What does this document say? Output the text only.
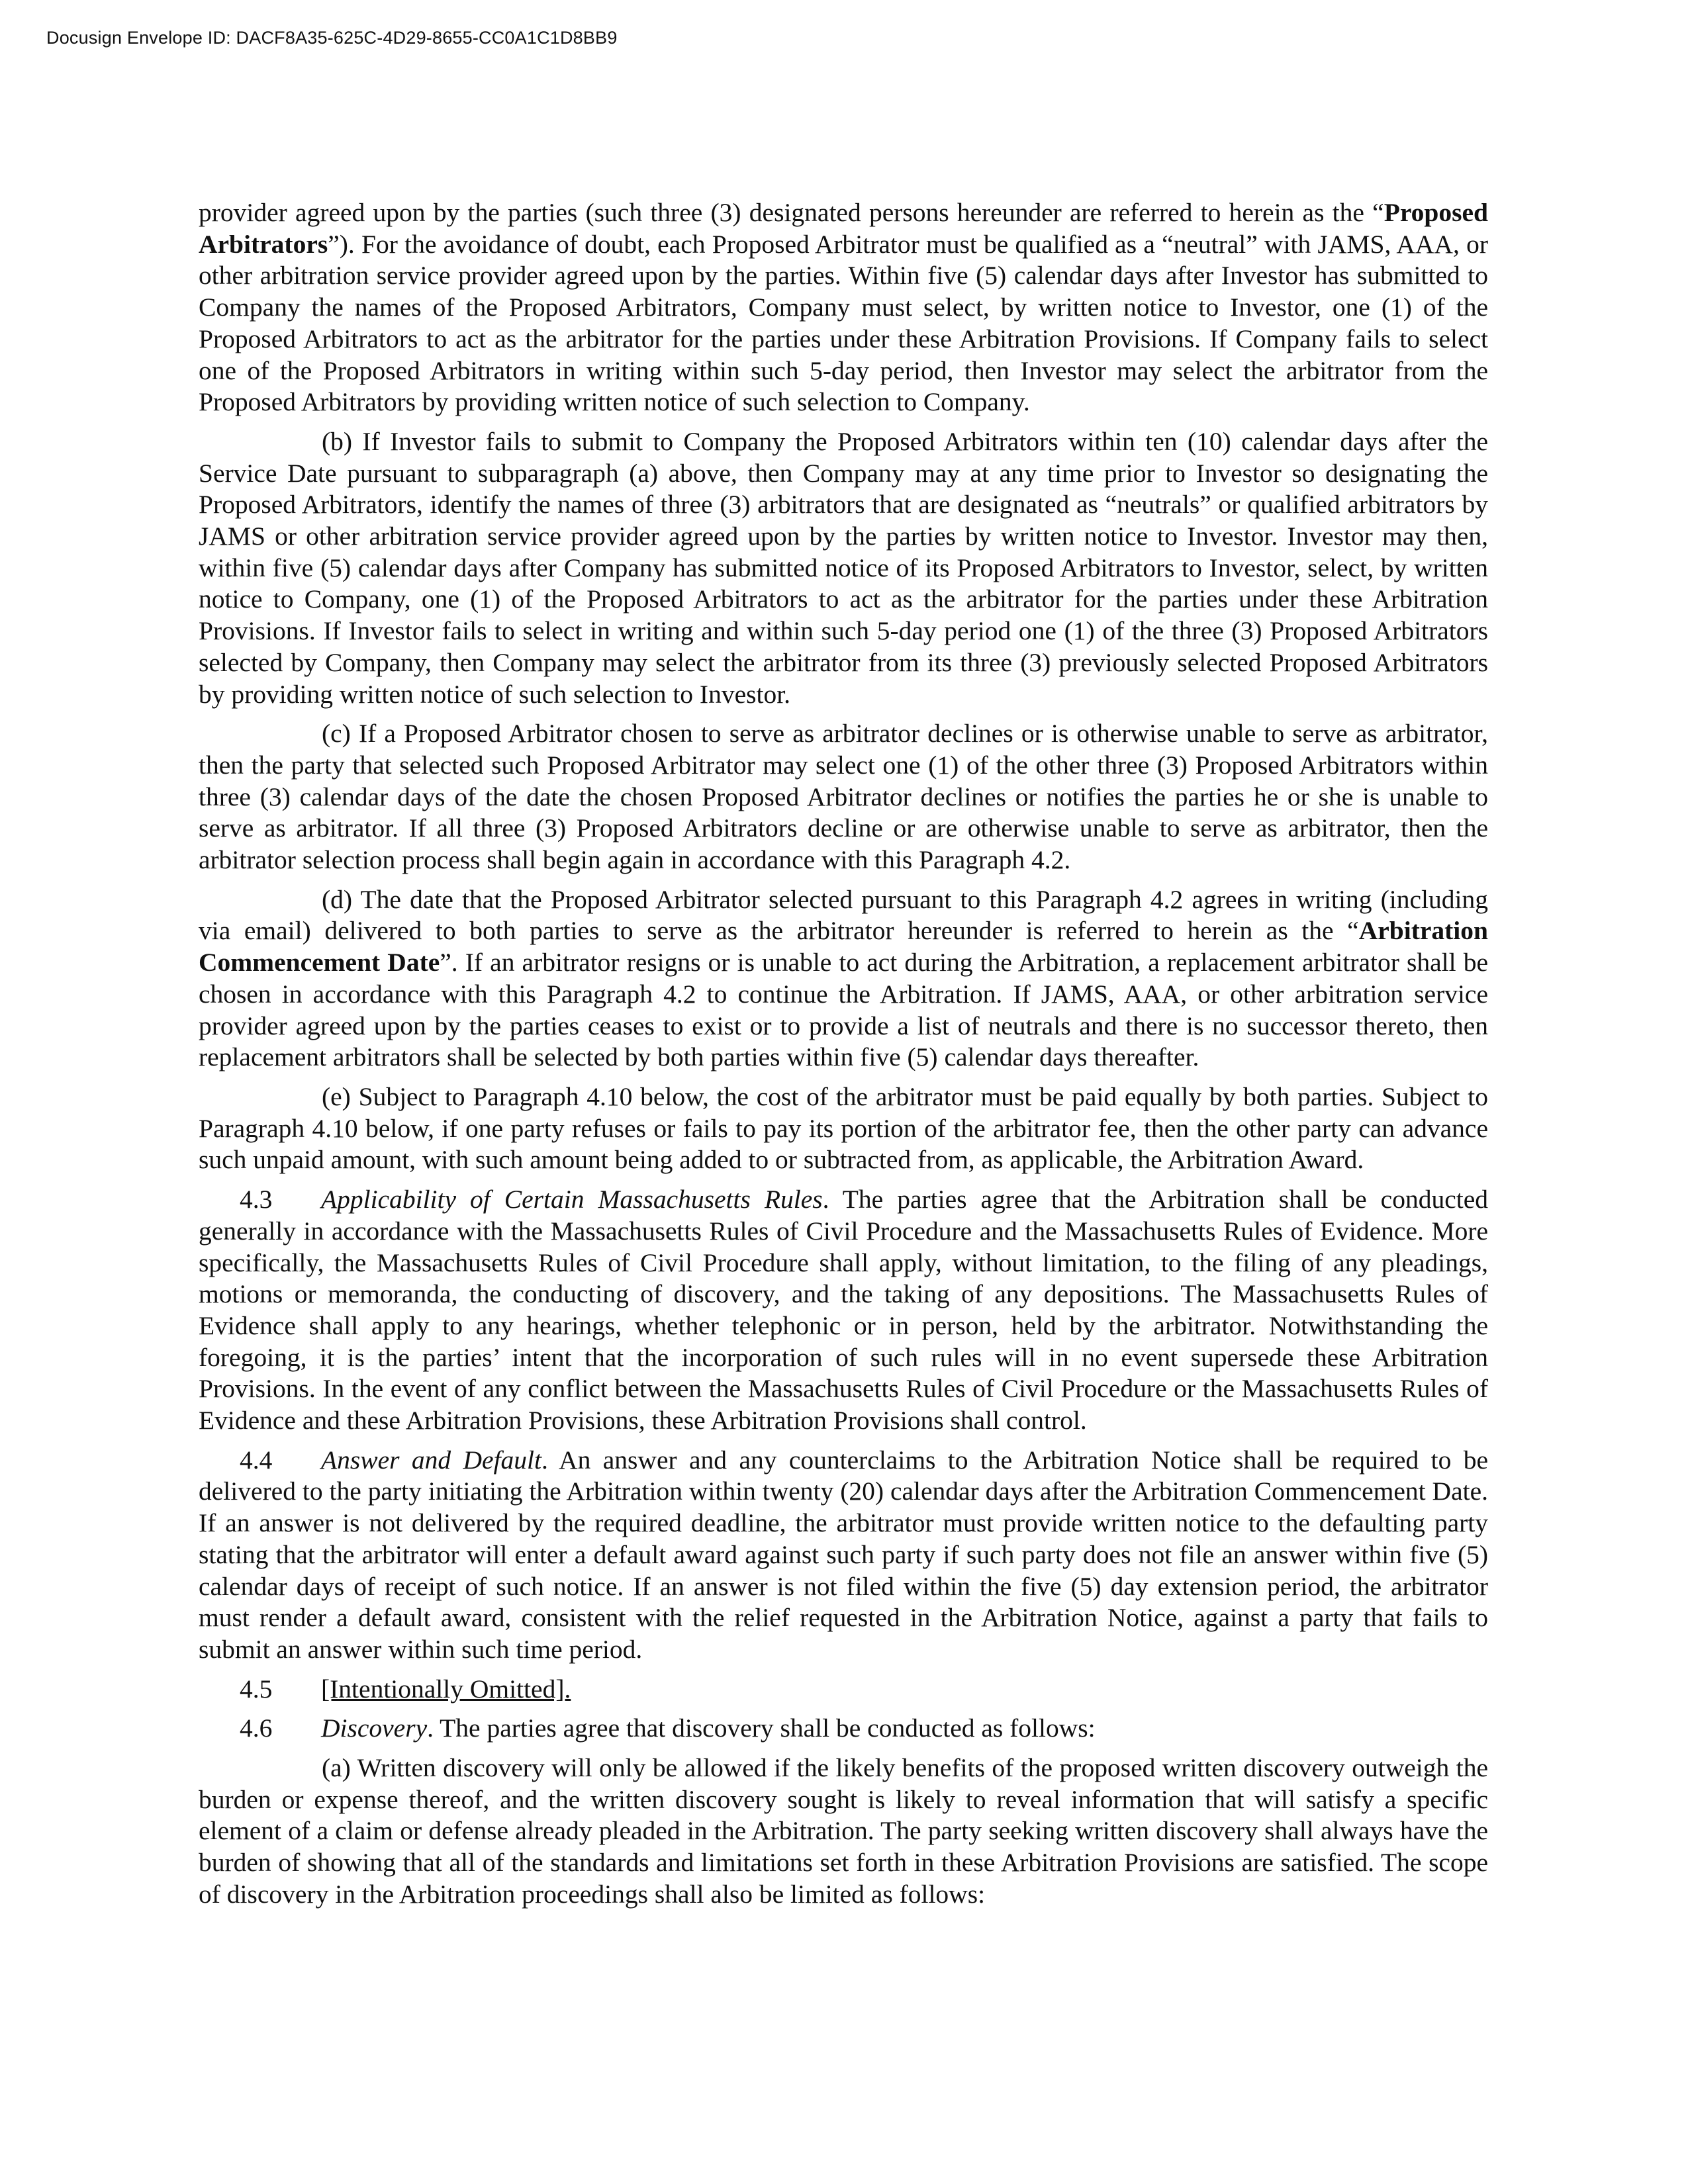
Docusign Envelope ID: DACF8A35-625C-4D29-8655-CC0A1C1D8BB9

provider agreed upon by the parties (such three (3) designated persons hereunder are referred to herein as the “Proposed Arbitrators”). For the avoidance of doubt, each Proposed Arbitrator must be qualified as a “neutral” with JAMS, AAA, or other arbitration service provider agreed upon by the parties. Within five (5) calendar days after Investor has submitted to Company the names of the Proposed Arbitrators, Company must select, by written notice to Investor, one (1) of the Proposed Arbitrators to act as the arbitrator for the parties under these Arbitration Provisions. If Company fails to select one of the Proposed Arbitrators in writing within such 5-day period, then Investor may select the arbitrator from the Proposed Arbitrators by providing written notice of such selection to Company.

(b) If Investor fails to submit to Company the Proposed Arbitrators within ten (10) calendar days after the Service Date pursuant to subparagraph (a) above, then Company may at any time prior to Investor so designating the Proposed Arbitrators, identify the names of three (3) arbitrators that are designated as “neutrals” or qualified arbitrators by JAMS or other arbitration service provider agreed upon by the parties by written notice to Investor. Investor may then, within five (5) calendar days after Company has submitted notice of its Proposed Arbitrators to Investor, select, by written notice to Company, one (1) of the Proposed Arbitrators to act as the arbitrator for the parties under these Arbitration Provisions. If Investor fails to select in writing and within such 5-day period one (1) of the three (3) Proposed Arbitrators selected by Company, then Company may select the arbitrator from its three (3) previously selected Proposed Arbitrators by providing written notice of such selection to Investor.

(c) If a Proposed Arbitrator chosen to serve as arbitrator declines or is otherwise unable to serve as arbitrator, then the party that selected such Proposed Arbitrator may select one (1) of the other three (3) Proposed Arbitrators within three (3) calendar days of the date the chosen Proposed Arbitrator declines or notifies the parties he or she is unable to serve as arbitrator. If all three (3) Proposed Arbitrators decline or are otherwise unable to serve as arbitrator, then the arbitrator selection process shall begin again in accordance with this Paragraph 4.2.

(d) The date that the Proposed Arbitrator selected pursuant to this Paragraph 4.2 agrees in writing (including via email) delivered to both parties to serve as the arbitrator hereunder is referred to herein as the “Arbitration Commencement Date”. If an arbitrator resigns or is unable to act during the Arbitration, a replacement arbitrator shall be chosen in accordance with this Paragraph 4.2 to continue the Arbitration. If JAMS, AAA, or other arbitration service provider agreed upon by the parties ceases to exist or to provide a list of neutrals and there is no successor thereto, then replacement arbitrators shall be selected by both parties within five (5) calendar days thereafter.

(e) Subject to Paragraph 4.10 below, the cost of the arbitrator must be paid equally by both parties. Subject to Paragraph 4.10 below, if one party refuses or fails to pay its portion of the arbitrator fee, then the other party can advance such unpaid amount, with such amount being added to or subtracted from, as applicable, the Arbitration Award.

4.3 Applicability of Certain Massachusetts Rules. The parties agree that the Arbitration shall be conducted generally in accordance with the Massachusetts Rules of Civil Procedure and the Massachusetts Rules of Evidence. More specifically, the Massachusetts Rules of Civil Procedure shall apply, without limitation, to the filing of any pleadings, motions or memoranda, the conducting of discovery, and the taking of any depositions. The Massachusetts Rules of Evidence shall apply to any hearings, whether telephonic or in person, held by the arbitrator. Notwithstanding the foregoing, it is the parties’ intent that the incorporation of such rules will in no event supersede these Arbitration Provisions. In the event of any conflict between the Massachusetts Rules of Civil Procedure or the Massachusetts Rules of Evidence and these Arbitration Provisions, these Arbitration Provisions shall control.

4.4 Answer and Default. An answer and any counterclaims to the Arbitration Notice shall be required to be delivered to the party initiating the Arbitration within twenty (20) calendar days after the Arbitration Commencement Date. If an answer is not delivered by the required deadline, the arbitrator must provide written notice to the defaulting party stating that the arbitrator will enter a default award against such party if such party does not file an answer within five (5) calendar days of receipt of such notice. If an answer is not filed within the five (5) day extension period, the arbitrator must render a default award, consistent with the relief requested in the Arbitration Notice, against a party that fails to submit an answer within such time period.

4.5 [Intentionally Omitted].

4.6 Discovery. The parties agree that discovery shall be conducted as follows:

(a) Written discovery will only be allowed if the likely benefits of the proposed written discovery outweigh the burden or expense thereof, and the written discovery sought is likely to reveal information that will satisfy a specific element of a claim or defense already pleaded in the Arbitration. The party seeking written discovery shall always have the burden of showing that all of the standards and limitations set forth in these Arbitration Provisions are satisfied. The scope of discovery in the Arbitration proceedings shall also be limited as follows:
